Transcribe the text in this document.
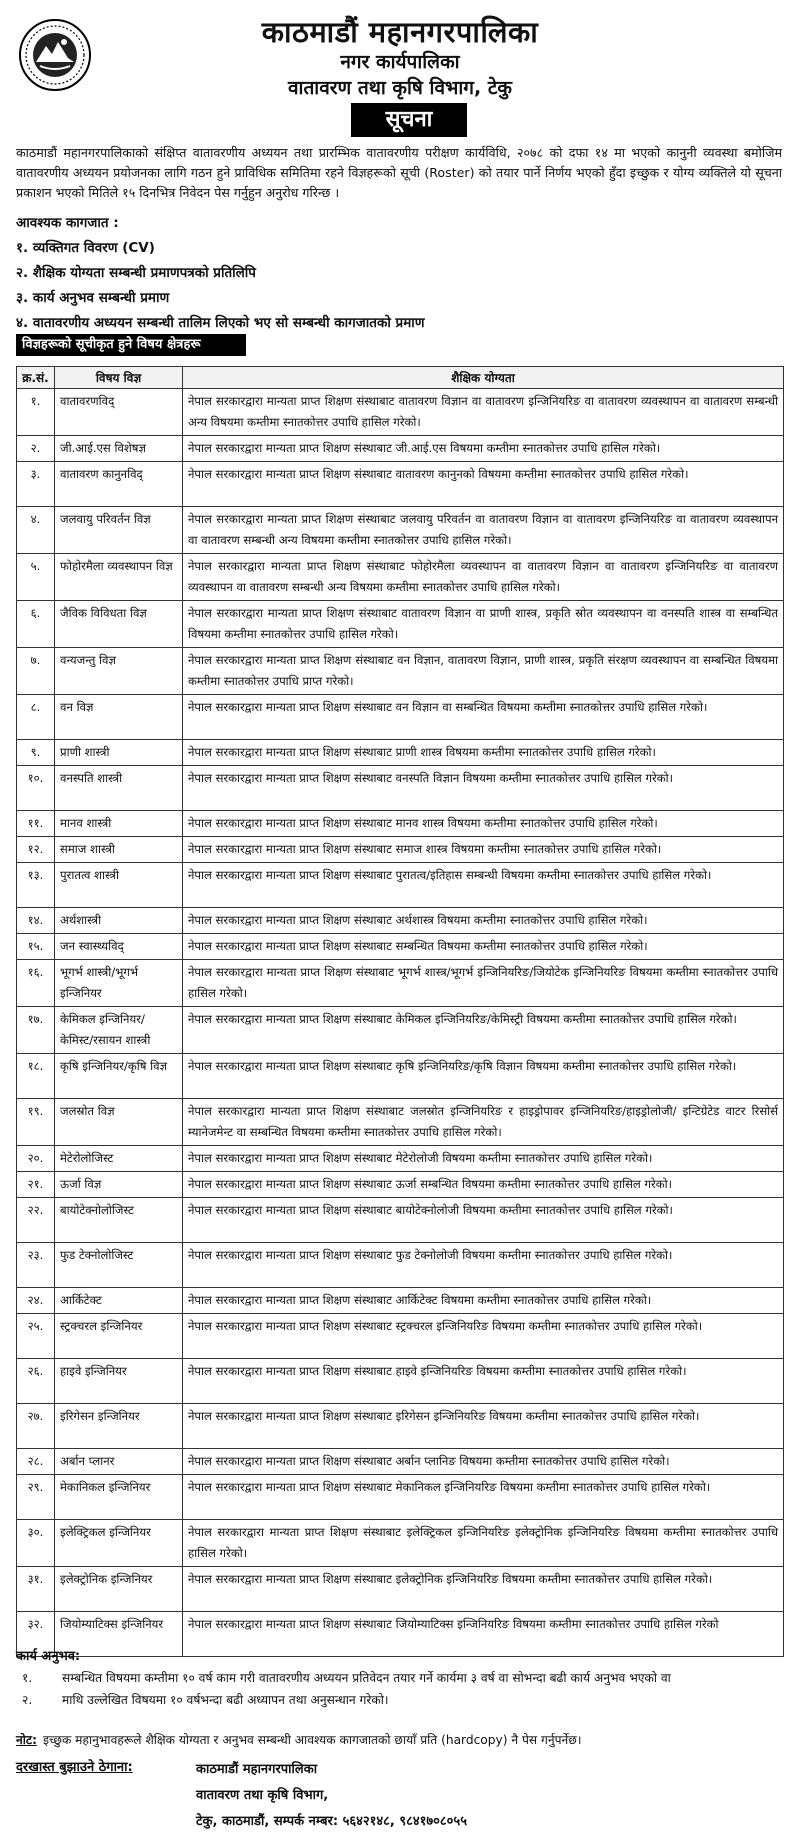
काठमाडौं महानगरपालिका
नगर कार्यपालिका
वातावरण तथा कृषि विभाग, टेकु
सूचना

काठमाडौं महानगरपालिकाको संक्षिप्त वातावरणीय अध्ययन तथा प्रारम्भिक वातावरणीय परीक्षण कार्यविधि, २०७८ को दफा १४ मा भएको कानुनी व्यवस्था बमोजिम वातावरणीय अध्ययन प्रयोजनका लागि गठन हुने प्राविधिक समितिमा रहने विज्ञहरूको सूची (Roster) को तयार पार्ने निर्णय भएको हुँदा इच्छुक र योग्य व्यक्तिले यो सूचना प्रकाशन भएको मितिले १५ दिनभित्र निवेदन पेस गर्नुहुन अनुरोध गरिन्छ ।

आवश्यक कागजात :
१. व्यक्तिगत विवरण (CV)
२. शैक्षिक योग्यता सम्बन्धी प्रमाणपत्रको प्रतिलिपि
३. कार्य अनुभव सम्बन्धी प्रमाण
४. वातावरणीय अध्ययन सम्बन्धी तालिम लिएको भए सो सम्बन्धी कागजातको प्रमाण
विज्ञहरूको सूचीकृत हुने विषय क्षेत्रहरू
क्र.सं.	विषय विज्ञ	शैक्षिक योग्यता
१.	वातावरणविद्	नेपाल सरकारद्वारा मान्यता प्राप्त शिक्षण संस्थाबाट वातावरण विज्ञान वा वातावरण इन्जिनियरिङ वा वातावरण व्यवस्थापन वा वातावरण सम्बन्धी अन्य विषयमा कम्तीमा स्नातकोत्तर उपाधि हासिल गरेको।
२.	जी.आई.एस विशेषज्ञ	नेपाल सरकारद्वारा मान्यता प्राप्त शिक्षण संस्थाबाट जी.आई.एस विषयमा कम्तीमा स्नातकोत्तर उपाधि हासिल गरेको।
३.	वातावरण कानुनविद्	नेपाल सरकारद्वारा मान्यता प्राप्त शिक्षण संस्थाबाट वातावरण कानुनको विषयमा कम्तीमा स्नातकोत्तर उपाधि हासिल गरेको।
४.	जलवायु परिवर्तन विज्ञ	नेपाल सरकारद्वारा मान्यता प्राप्त शिक्षण संस्थाबाट जलवायु परिवर्तन वा वातावरण विज्ञान वा वातावरण इन्जिनियरिङ वा वातावरण व्यवस्थापन वा वातावरण सम्बन्धी अन्य विषयमा कम्तीमा स्नातकोत्तर उपाधि हासिल गरेको।
५.	फोहोरमैला व्यवस्थापन विज्ञ	नेपाल सरकारद्वारा मान्यता प्राप्त शिक्षण संस्थाबाट फोहोरमैला व्यवस्थापन वा वातावरण विज्ञान वा वातावरण इन्जिनियरिङ वा वातावरण व्यवस्थापन वा वातावरण सम्बन्धी अन्य विषयमा कम्तीमा स्नातकोत्तर उपाधि हासिल गरेको।
६.	जैविक विविधता विज्ञ	नेपाल सरकारद्वारा मान्यता प्राप्त शिक्षण संस्थाबाट वातावरण विज्ञान वा प्राणी शास्त्र, प्रकृति स्रोत व्यवस्थापन वा वनस्पति शास्त्र वा सम्बन्धित विषयमा कम्तीमा स्नातकोत्तर उपाधि हासिल गरेको।
७.	वन्यजन्तु विज्ञ	नेपाल सरकारद्वारा मान्यता प्राप्त शिक्षण संस्थाबाट वन विज्ञान, वातावरण विज्ञान, प्राणी शास्त्र, प्रकृति संरक्षण व्यवस्थापन वा सम्बन्धित विषयमा कम्तीमा स्नातकोत्तर उपाधि प्राप्त गरेको।
८.	वन विज्ञ	नेपाल सरकारद्वारा मान्यता प्राप्त शिक्षण संस्थाबाट वन विज्ञान वा सम्बन्धित विषयमा कम्तीमा स्नातकोत्तर उपाधि हासिल गरेको।
९.	प्राणी शास्त्री	नेपाल सरकारद्वारा मान्यता प्राप्त शिक्षण संस्थाबाट प्राणी शास्त्र विषयमा कम्तीमा स्नातकोत्तर उपाधि हासिल गरेको।
१०.	वनस्पति शास्त्री	नेपाल सरकारद्वारा मान्यता प्राप्त शिक्षण संस्थाबाट वनस्पति विज्ञान विषयमा कम्तीमा स्नातकोत्तर उपाधि हासिल गरेको।
११.	मानव शास्त्री	नेपाल सरकारद्वारा मान्यता प्राप्त शिक्षण संस्थाबाट मानव शास्त्र विषयमा कम्तीमा स्नातकोत्तर उपाधि हासिल गरेको।
१२.	समाज शास्त्री	नेपाल सरकारद्वारा मान्यता प्राप्त शिक्षण संस्थाबाट समाज शास्त्र विषयमा कम्तीमा स्नातकोत्तर उपाधि हासिल गरेको।
१३.	पुरातत्व शास्त्री	नेपाल सरकारद्वारा मान्यता प्राप्त शिक्षण संस्थाबाट पुरातत्व/इतिहास सम्बन्धी विषयमा कम्तीमा स्नातकोत्तर उपाधि हासिल गरेको।
१४.	अर्थशास्त्री	नेपाल सरकारद्वारा मान्यता प्राप्त शिक्षण संस्थाबाट अर्थशास्त्र विषयमा कम्तीमा स्नातकोत्तर उपाधि हासिल गरेको।
१५.	जन स्वास्थ्यविद्	नेपाल सरकारद्वारा मान्यता प्राप्त शिक्षण संस्थाबाट सम्बन्धित विषयमा कम्तीमा स्नातकोत्तर उपाधि हासिल गरेको।
१६.	भूगर्भ शास्त्री/भूगर्भ इन्जिनियर	नेपाल सरकारद्वारा मान्यता प्राप्त शिक्षण संस्थाबाट भूगर्भ शास्त्र/भूगर्भ इन्जिनियरिङ/जियोटेक इन्जिनियरिङ विषयमा कम्तीमा स्नातकोत्तर उपाधि हासिल गरेको।
१७.	केमिकल इन्जिनियर/ केमिस्ट/रसायन शास्त्री	नेपाल सरकारद्वारा मान्यता प्राप्त शिक्षण संस्थाबाट केमिकल इन्जिनियरिङ/केमिस्ट्री विषयमा कम्तीमा स्नातकोत्तर उपाधि हासिल गरेको।
१८.	कृषि इन्जिनियर/कृषि विज्ञ	नेपाल सरकारद्वारा मान्यता प्राप्त शिक्षण संस्थाबाट कृषि इन्जिनियरिङ/कृषि विज्ञान विषयमा कम्तीमा स्नातकोत्तर उपाधि हासिल गरेको।
१९.	जलस्रोत विज्ञ	नेपाल सरकारद्वारा मान्यता प्राप्त शिक्षण संस्थाबाट जलस्रोत इन्जिनियरिङ र हाइड्रोपावर इन्जिनियरिङ/हाइड्रोलोजी/ इन्टिग्रेटेड वाटर रिसोर्स म्यानेजमेन्ट वा सम्बन्धित विषयमा कम्तीमा स्नातकोत्तर उपाधि हासिल गरेको।
२०.	मेटेरोलोजिस्ट	नेपाल सरकारद्वारा मान्यता प्राप्त शिक्षण संस्थाबाट मेटेरोलोजी विषयमा कम्तीमा स्नातकोत्तर उपाधि हासिल गरेको।
२१.	ऊर्जा विज्ञ	नेपाल सरकारद्वारा मान्यता प्राप्त शिक्षण संस्थाबाट ऊर्जा सम्बन्धित विषयमा कम्तीमा स्नातकोत्तर उपाधि हासिल गरेको।
२२.	बायोटेक्नोलोजिस्ट	नेपाल सरकारद्वारा मान्यता प्राप्त शिक्षण संस्थाबाट बायोटेक्नोलोजी विषयमा कम्तीमा स्नातकोत्तर उपाधि हासिल गरेको।
२३.	फुड टेक्नोलोजिस्ट	नेपाल सरकारद्वारा मान्यता प्राप्त शिक्षण संस्थाबाट फुड टेक्नोलोजी विषयमा कम्तीमा स्नातकोत्तर उपाधि हासिल गरेको।
२४.	आर्किटेक्ट	नेपाल सरकारद्वारा मान्यता प्राप्त शिक्षण संस्थाबाट आर्किटेक्ट विषयमा कम्तीमा स्नातकोत्तर उपाधि हासिल गरेको।
२५.	स्ट्रक्चरल इन्जिनियर	नेपाल सरकारद्वारा मान्यता प्राप्त शिक्षण संस्थाबाट स्ट्रक्चरल इन्जिनियरिङ विषयमा कम्तीमा स्नातकोत्तर उपाधि हासिल गरेको।
२६.	हाइवे इन्जिनियर	नेपाल सरकारद्वारा मान्यता प्राप्त शिक्षण संस्थाबाट हाइवे इन्जिनियरिङ विषयमा कम्तीमा स्नातकोत्तर उपाधि हासिल गरेको।
२७.	इरिगेसन इन्जिनियर	नेपाल सरकारद्वारा मान्यता प्राप्त शिक्षण संस्थाबाट इरिगेसन इन्जिनियरिङ विषयमा कम्तीमा स्नातकोत्तर उपाधि हासिल गरेको।
२८.	अर्बान प्लानर	नेपाल सरकारद्वारा मान्यता प्राप्त शिक्षण संस्थाबाट अर्बान प्लानिङ विषयमा कम्तीमा स्नातकोत्तर उपाधि हासिल गरेको।
२९.	मेकानिकल इन्जिनियर	नेपाल सरकारद्वारा मान्यता प्राप्त शिक्षण संस्थाबाट मेकानिकल इन्जिनियरिङ विषयमा कम्तीमा स्नातकोत्तर उपाधि हासिल गरेको।
३०.	इलेक्ट्रिकल इन्जिनियर	नेपाल सरकारद्वारा मान्यता प्राप्त शिक्षण संस्थाबाट इलेक्ट्रिकल इन्जिनियरिङ इलेक्ट्रोनिक इन्जिनियरिङ विषयमा कम्तीमा स्नातकोत्तर उपाधि हासिल गरेको।
३१.	इलेक्ट्रोनिक इन्जिनियर	नेपाल सरकारद्वारा मान्यता प्राप्त शिक्षण संस्थाबाट इलेक्ट्रोनिक इन्जिनियरिङ विषयमा कम्तीमा स्नातकोत्तर उपाधि हासिल गरेको।
३२.	जियोम्याटिक्स इन्जिनियर	नेपाल सरकारद्वारा मान्यता प्राप्त शिक्षण संस्थाबाट जियोम्याटिक्स इन्जिनियरिङ विषयमा कम्तीमा स्नातकोत्तर उपाधि हासिल गरेको
कार्य अनुभव:
१. सम्बन्धित विषयमा कम्तीमा १० वर्ष काम गरी वातावरणीय अध्ययन प्रतिवेदन तयार गर्ने कार्यमा ३ वर्ष वा सोभन्दा बढी कार्य अनुभव भएको वा
२. माथि उल्लेखित विषयमा १० वर्षभन्दा बढी अध्यापन तथा अनुसन्धान गरेको।
नोट: इच्छुक महानुभावहरूले शैक्षिक योग्यता र अनुभव सम्बन्धी आवश्यक कागजातको छायाँ प्रति (hardcopy) नै पेस गर्नुपर्नेछ।
दरखास्त बुझाउने ठेगाना:	काठमाडौं महानगरपालिका
वातावरण तथा कृषि विभाग,
टेकु, काठमाडौं, सम्पर्क नम्बर: ५६४२१४८, ९८४१७०८०५५
